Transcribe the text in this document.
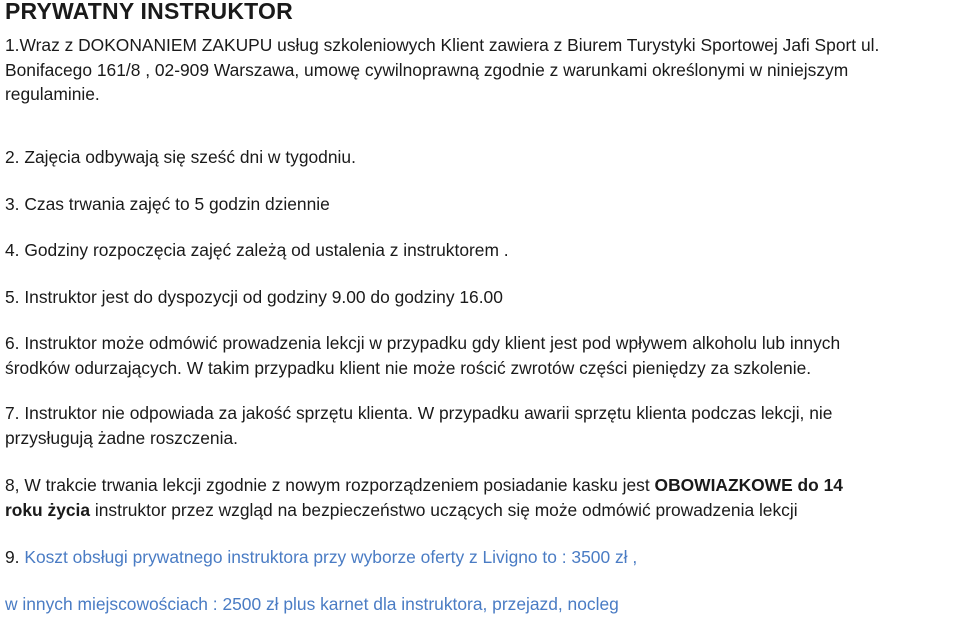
PRYWATNY INSTRUKTOR

1.Wraz z DOKONANIEM ZAKUPU usług szkoleniowych Klient zawiera z Biurem Turystyki Sportowej Jafi Sport ul.
Bonifacego 161/8 , 02-909 Warszawa, umowę cywilnoprawną zgodnie z warunkami określonymi w niniejszym
regulaminie.

2. Zajęcia odbywają się sześć dni w tygodniu.

3. Czas trwania zajęć to 5 godzin dziennie

4. Godziny rozpoczęcia zajęć zależą od ustalenia z instruktorem .

5. Instruktor jest do dyspozycji od godziny 9.00 do godziny 16.00

6. Instruktor może odmówić prowadzenia lekcji w przypadku gdy klient jest pod wpływem alkoholu lub innych
środków odurzających. W takim przypadku klient nie może rościć zwrotów części pieniędzy za szkolenie.

7. Instruktor nie odpowiada za jakość sprzętu klienta. W przypadku awarii sprzętu klienta podczas lekcji, nie
przysługują żadne roszczenia.

8, W trakcie trwania lekcji zgodnie z nowym rozporządzeniem posiadanie kasku jest OBOWIAZKOWE do 14
roku życia instruktor przez wzgląd na bezpieczeństwo uczących się może odmówić prowadzenia lekcji

9. Koszt obsługi prywatnego instruktora przy wyborze oferty z Livigno to : 3500 zł ,

w innych miejscowościach : 2500 zł plus karnet dla instruktora, przejazd, nocleg
